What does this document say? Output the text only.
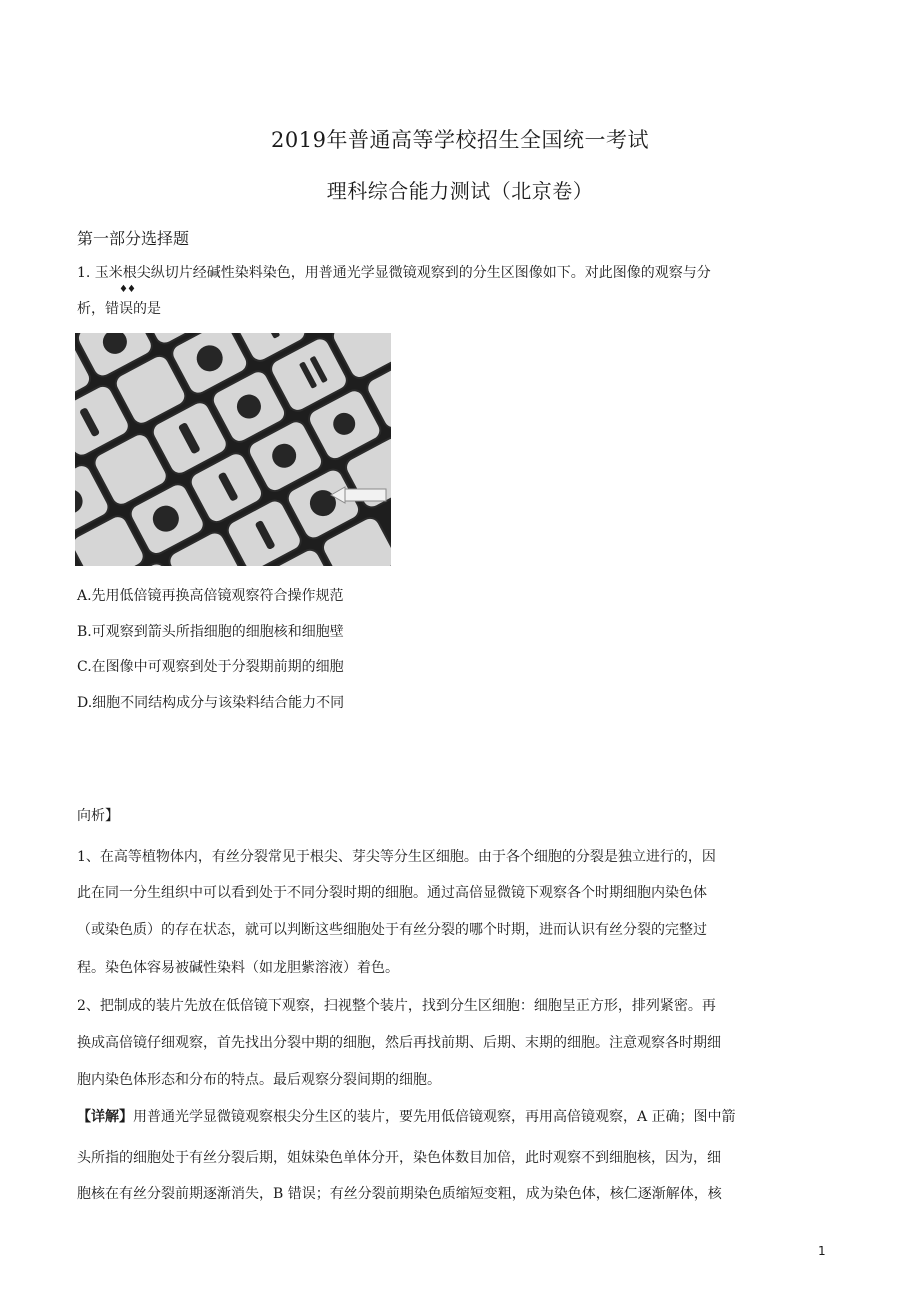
2019年普通高等学校招生全国统一考试
理科综合能力测试（北京卷）
第一部分选择题
1. 玉米根尖纵切片经碱性染料染色，用普通光学显微镜观察到的分生区图像如下。对此图像的观察与分
♦♦
析，错误的是
A.先用低倍镜再换高倍镜观察符合操作规范
B.可观察到箭头所指细胞的细胞核和细胞壁
C.在图像中可观察到处于分裂期前期的细胞
D.细胞不同结构成分与该染料结合能力不同
向析】
1、在高等植物体内，有丝分裂常见于根尖、芽尖等分生区细胞。由于各个细胞的分裂是独立进行的，因
此在同一分生组织中可以看到处于不同分裂时期的细胞。通过高倍显微镜下观察各个时期细胞内染色体
（或染色质）的存在状态，就可以判断这些细胞处于有丝分裂的哪个时期，进而认识有丝分裂的完整过
程。染色体容易被碱性染料（如龙胆紫溶液）着色。
2、把制成的装片先放在低倍镜下观察，扫视整个装片，找到分生区细胞：细胞呈正方形，排列紧密。再
换成高倍镜仔细观察，首先找出分裂中期的细胞，然后再找前期、后期、末期的细胞。注意观察各时期细
胞内染色体形态和分布的特点。最后观察分裂间期的细胞。
【详解】用普通光学显微镜观察根尖分生区的装片，要先用低倍镜观察，再用高倍镜观察，A 正确；图中箭
头所指的细胞处于有丝分裂后期，姐妹染色单体分开，染色体数目加倍，此时观察不到细胞核，因为，细
胞核在有丝分裂前期逐渐消失，B 错误；有丝分裂前期染色质缩短变粗，成为染色体，核仁逐渐解体，核
1
